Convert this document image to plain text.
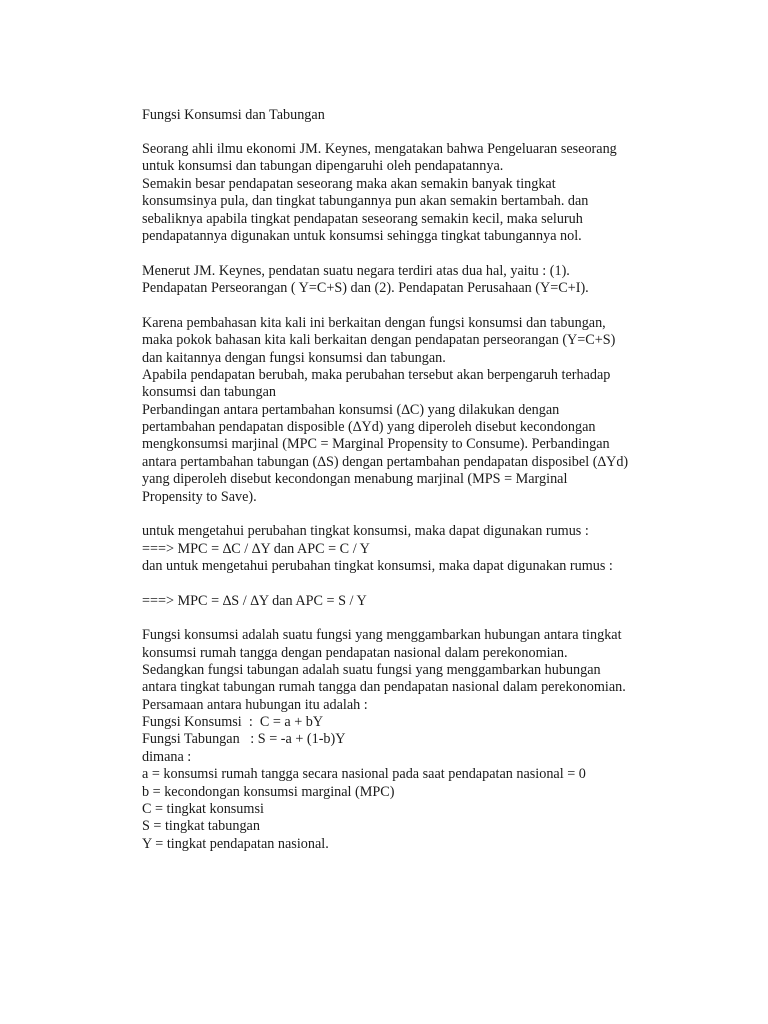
Fungsi Konsumsi dan Tabungan
Seorang ahli ilmu ekonomi JM. Keynes, mengatakan bahwa Pengeluaran seseorang
untuk konsumsi dan tabungan dipengaruhi oleh pendapatannya.
Semakin besar pendapatan seseorang maka akan semakin banyak tingkat
konsumsinya pula, dan tingkat tabungannya pun akan semakin bertambah. dan
sebaliknya apabila tingkat pendapatan seseorang semakin kecil, maka seluruh
pendapatannya digunakan untuk konsumsi sehingga tingkat tabungannya nol.
Menerut JM. Keynes, pendatan suatu negara terdiri atas dua hal, yaitu : (1).
Pendapatan Perseorangan ( Y=C+S) dan (2). Pendapatan Perusahaan (Y=C+I).
Karena pembahasan kita kali ini berkaitan dengan fungsi konsumsi dan tabungan,
maka pokok bahasan kita kali berkaitan dengan pendapatan perseorangan (Y=C+S)
dan kaitannya dengan fungsi konsumsi dan tabungan.
Apabila pendapatan berubah, maka perubahan tersebut akan berpengaruh terhadap
konsumsi dan tabungan
Perbandingan antara pertambahan konsumsi (∆C) yang dilakukan dengan
pertambahan pendapatan disposible (∆Yd) yang diperoleh disebut kecondongan
mengkonsumsi marjinal (MPC = Marginal Propensity to Consume). Perbandingan
antara pertambahan tabungan (∆S) dengan pertambahan pendapatan disposibel (∆Yd)
yang diperoleh disebut kecondongan menabung marjinal (MPS = Marginal
Propensity to Save).
untuk mengetahui perubahan tingkat konsumsi, maka dapat digunakan rumus :
===> MPC = ∆C / ∆Y dan APC = C / Y
dan untuk mengetahui perubahan tingkat konsumsi, maka dapat digunakan rumus :
===> MPC = ∆S / ∆Y dan APC = S / Y
Fungsi konsumsi adalah suatu fungsi yang menggambarkan hubungan antara tingkat
konsumsi rumah tangga dengan pendapatan nasional dalam perekonomian.
Sedangkan fungsi tabungan adalah suatu fungsi yang menggambarkan hubungan
antara tingkat tabungan rumah tangga dan pendapatan nasional dalam perekonomian.
Persamaan antara hubungan itu adalah :
Fungsi Konsumsi  :  C = a + bY
Fungsi Tabungan   : S = -a + (1-b)Y
dimana :
a = konsumsi rumah tangga secara nasional pada saat pendapatan nasional = 0
b = kecondongan konsumsi marginal (MPC)
C = tingkat konsumsi
S = tingkat tabungan
Y = tingkat pendapatan nasional.
